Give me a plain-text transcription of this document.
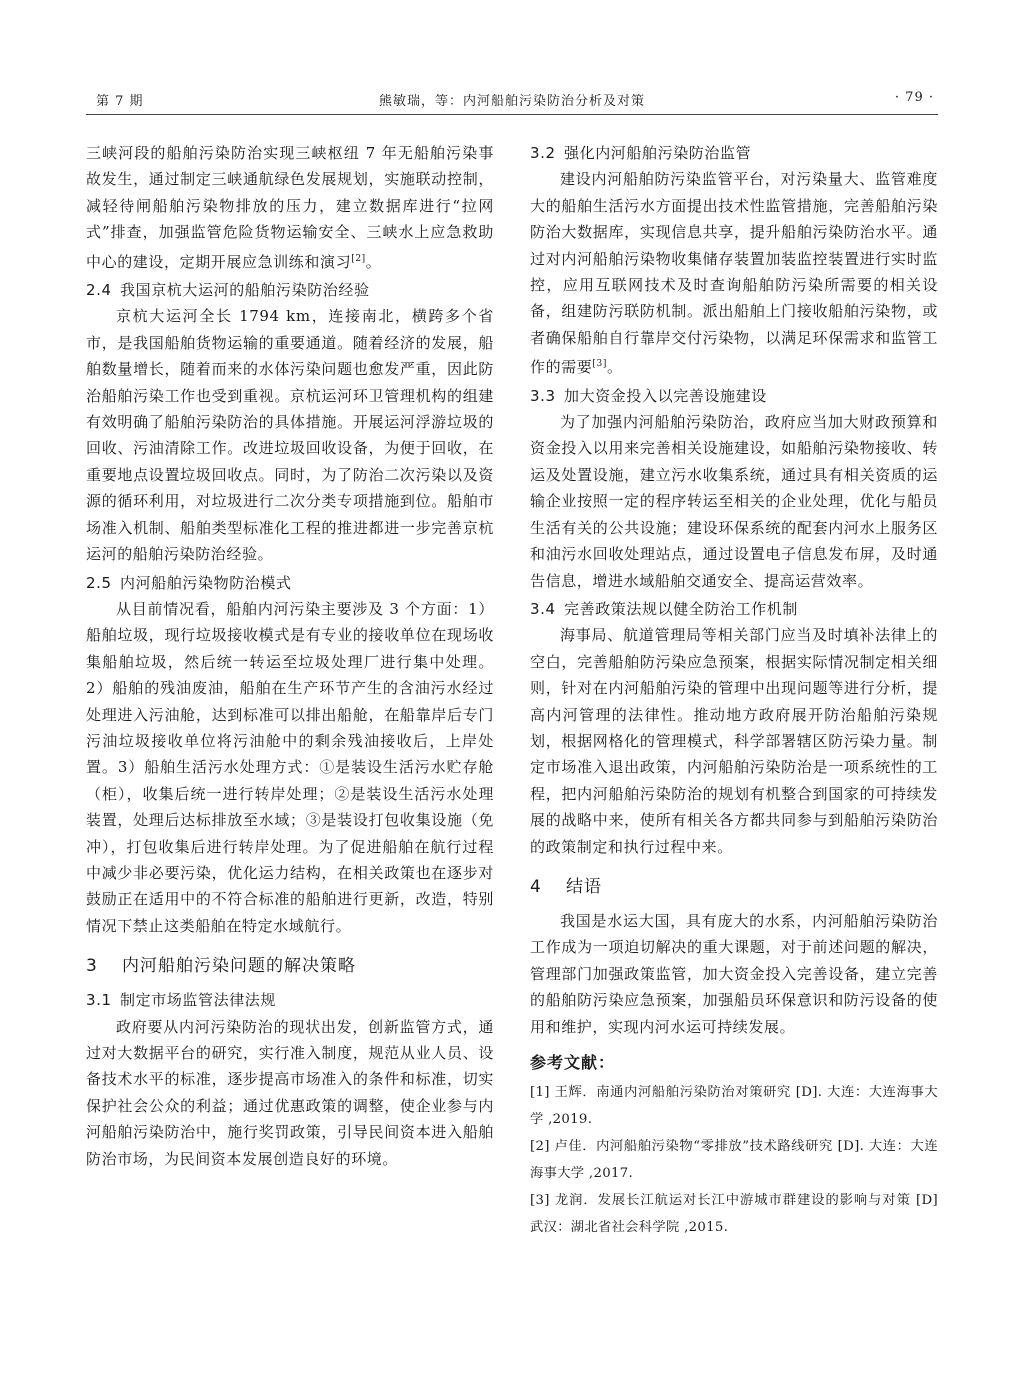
第 7 期	熊敏瑞，等：内河船舶污染防治分析及对策	· 79 ·

三峡河段的船舶污染防治实现三峡枢纽 7 年无船舶污染事故发生，通过制定三峡通航绿色发展规划，实施联动控制，减轻待闸船舶污染物排放的压力，建立数据库进行“拉网式”排查，加强监管危险货物运输安全、三峡水上应急救助中心的建设，定期开展应急训练和演习[2]。

2.4 我国京杭大运河的船舶污染防治经验

京杭大运河全长 1794 km，连接南北，横跨多个省市，是我国船舶货物运输的重要通道。随着经济的发展，船舶数量增长，随着而来的水体污染问题也愈发严重，因此防治船舶污染工作也受到重视。京杭运河环卫管理机构的组建有效明确了船舶污染防治的具体措施。开展运河浮游垃圾的回收、污油清除工作。改进垃圾回收设备，为便于回收，在重要地点设置垃圾回收点。同时，为了防治二次污染以及资源的循环利用，对垃圾进行二次分类专项措施到位。船舶市场准入机制、船舶类型标准化工程的推进都进一步完善京杭运河的船舶污染防治经验。

2.5 内河船舶污染物防治模式

从目前情况看，船舶内河污染主要涉及 3 个方面：1）船舶垃圾，现行垃圾接收模式是有专业的接收单位在现场收集船舶垃圾，然后统一转运至垃圾处理厂进行集中处理。2）船舶的残油废油，船舶在生产环节产生的含油污水经过处理进入污油舱，达到标准可以排出船舱，在船靠岸后专门污油垃圾接收单位将污油舱中的剩余残油接收后，上岸处置。3）船舶生活污水处理方式：①是装设生活污水贮存舱（柜），收集后统一进行转岸处理；②是装设生活污水处理装置，处理后达标排放至水域；③是装设打包收集设施（免冲），打包收集后进行转岸处理。为了促进船舶在航行过程中减少非必要污染，优化运力结构，在相关政策也在逐步对鼓励正在适用中的不符合标准的船舶进行更新，改造，特别情况下禁止这类船舶在特定水域航行。

3 内河船舶污染问题的解决策略
3.1 制定市场监管法律法规

政府要从内河污染防治的现状出发，创新监管方式，通过对大数据平台的研究，实行准入制度，规范从业人员、设备技术水平的标准，逐步提高市场准入的条件和标准，切实保护社会公众的利益；通过优惠政策的调整，使企业参与内河船舶污染防治中，施行奖罚政策，引导民间资本进入船舶防治市场，为民间资本发展创造良好的环境。

3.2 强化内河船舶污染防治监管

建设内河船舶防污染监管平台，对污染量大、监管难度大的船舶生活污水方面提出技术性监管措施，完善船舶污染防治大数据库，实现信息共享，提升船舶污染防治水平。通过对内河船舶污染物收集储存装置加装监控装置进行实时监控，应用互联网技术及时查询船舶防污染所需要的相关设备，组建防污联防机制。派出船舶上门接收船舶污染物，或者确保船舶自行靠岸交付污染物，以满足环保需求和监管工作的需要[3]。

3.3 加大资金投入以完善设施建设

为了加强内河船舶污染防治，政府应当加大财政预算和资金投入以用来完善相关设施建设，如船舶污染物接收、转运及处置设施，建立污水收集系统，通过具有相关资质的运输企业按照一定的程序转运至相关的企业处理，优化与船员生活有关的公共设施；建设环保系统的配套内河水上服务区和油污水回收处理站点，通过设置电子信息发布屏，及时通告信息，增进水域船舶交通安全、提高运营效率。

3.4 完善政策法规以健全防治工作机制

海事局、航道管理局等相关部门应当及时填补法律上的空白，完善船舶防污染应急预案，根据实际情况制定相关细则，针对在内河船舶污染的管理中出现问题等进行分析，提高内河管理的法律性。推动地方政府展开防治船舶污染规划，根据网格化的管理模式，科学部署辖区防污染力量。制定市场准入退出政策，内河船舶污染防治是一项系统性的工程，把内河船舶污染防治的规划有机整合到国家的可持续发展的战略中来，使所有相关各方都共同参与到船舶污染防治的政策制定和执行过程中来。

4 结语

我国是水运大国，具有庞大的水系，内河船舶污染防治工作成为一项迫切解决的重大课题，对于前述问题的解决，管理部门加强政策监管，加大资金投入完善设备，建立完善的船舶防污染应急预案，加强船员环保意识和防污设备的使用和维护，实现内河水运可持续发展。

参考文献：

[1] 王辉．南通内河船舶污染防治对策研究 [D]. 大连：大连海事大学 ,2019.

[2] 卢佳．内河船舶污染物“零排放”技术路线研究 [D]. 大连：大连海事大学 ,2017.

[3] 龙润．发展长江航运对长江中游城市群建设的影响与对策 [D] 武汉：湖北省社会科学院 ,2015.
